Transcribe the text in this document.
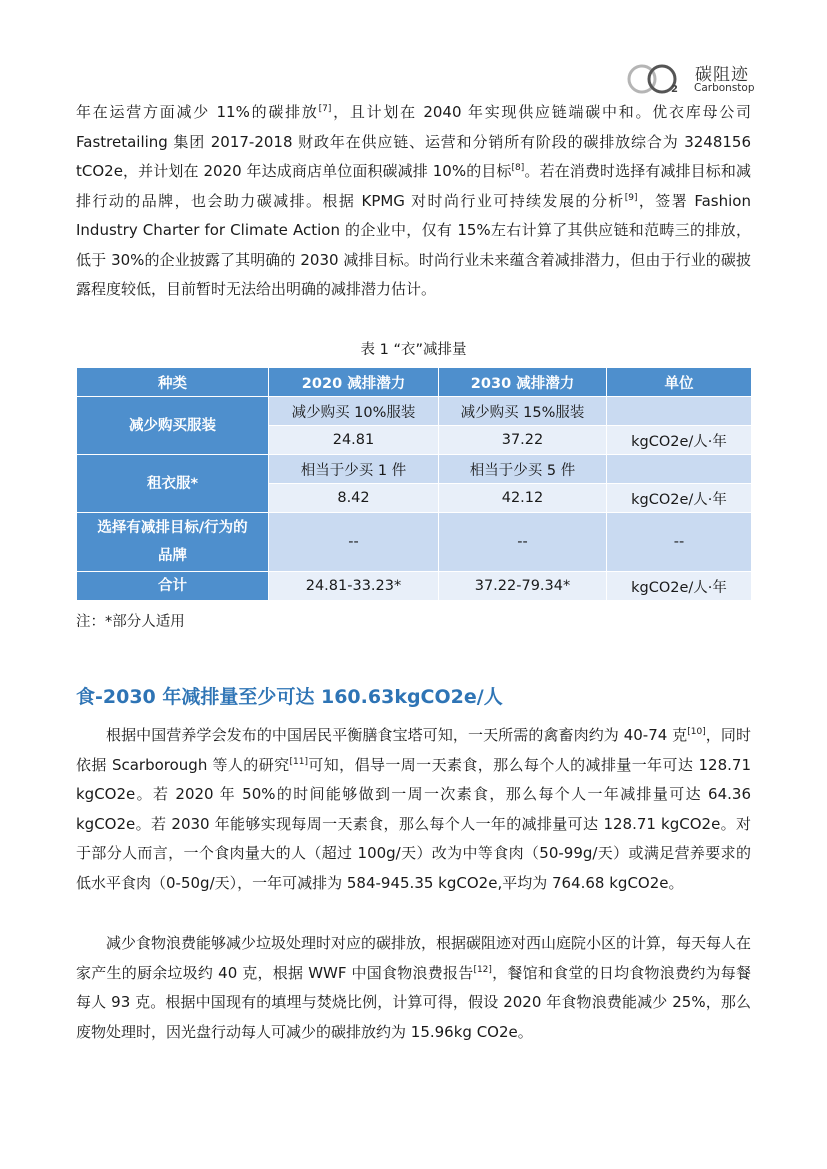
2
碳阻迹
Carbonstop

年在运营方面减少 11%的碳排放[7]，且计划在 2040 年实现供应链端碳中和。优衣库母公司 Fastretailing 集团 2017-2018 财政年在供应链、运营和分销所有阶段的碳排放综合为 3248156 tCO2e，并计划在 2020 年达成商店单位面积碳减排 10%的目标[8]。若在消费时选择有减排目标和减排行动的品牌，也会助力碳减排。根据 KPMG 对时尚行业可持续发展的分析[9]，签署 Fashion Industry Charter for Climate Action 的企业中，仅有 15%左右计算了其供应链和范畴三的排放，低于 30%的企业披露了其明确的 2030 减排目标。时尚行业未来蕴含着减排潜力，但由于行业的碳披露程度较低，目前暂时无法给出明确的减排潜力估计。

表 1 “衣”减排量
种类	2020 减排潜力	2030 减排潜力	单位
减少购买服装	减少购买 10%服装	减少购买 15%服装	
	24.81	37.22	kgCO2e/人·年
租衣服*	相当于少买 1 件	相当于少买 5 件	
	8.42	42.12	kgCO2e/人·年
选择有减排目标/行为的
品牌	--	--	--
合计	24.81-33.23*	37.22-79.34*	kgCO2e/人·年
注：*部分人适用
食-2030 年减排量至少可达 160.63kgCO2e/人

根据中国营养学会发布的中国居民平衡膳食宝塔可知，一天所需的禽畜肉约为 40-74 克[10]，同时依据 Scarborough 等人的研究[11]可知，倡导一周一天素食，那么每个人的减排量一年可达 128.71 kgCO2e。若 2020 年 50%的时间能够做到一周一次素食，那么每个人一年减排量可达 64.36 kgCO2e。若 2030 年能够实现每周一天素食，那么每个人一年的减排量可达 128.71 kgCO2e。对于部分人而言，一个食肉量大的人（超过 100g/天）改为中等食肉（50-99g/天）或满足营养要求的低水平食肉（0-50g/天），一年可减排为 584-945.35 kgCO2e,平均为 764.68 kgCO2e。

减少食物浪费能够减少垃圾处理时对应的碳排放，根据碳阻迹对西山庭院小区的计算，每天每人在家产生的厨余垃圾约 40 克，根据 WWF 中国食物浪费报告[12]，餐馆和食堂的日均食物浪费约为每餐每人 93 克。根据中国现有的填埋与焚烧比例，计算可得，假设 2020 年食物浪费能减少 25%，那么废物处理时，因光盘行动每人可减少的碳排放约为 15.96kg CO2e。
